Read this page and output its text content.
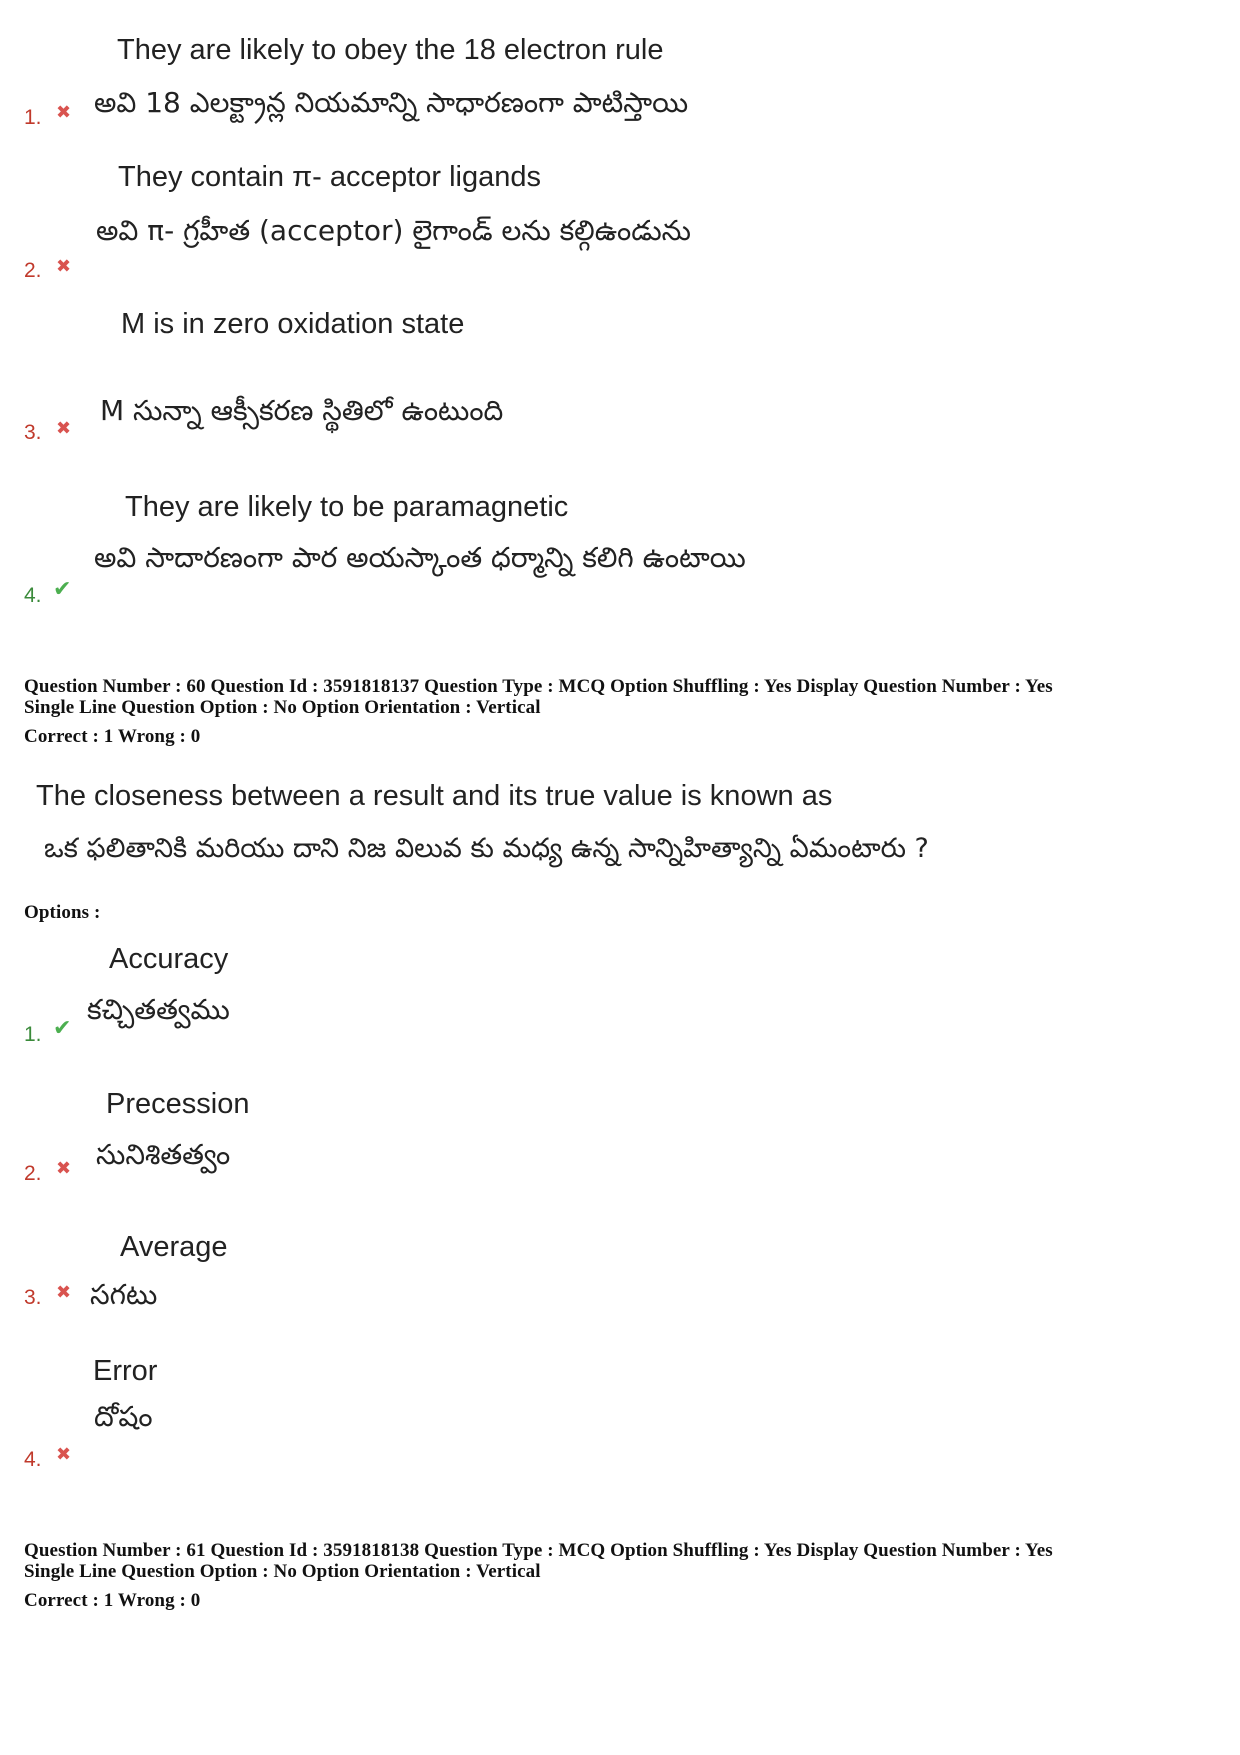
They are likely to obey the 18 electron rule
అవి 18 ఎలక్ట్రాన్ల నియమాన్ని సాధారణంగా పాటిస్తాయి
1. ✖
They contain π- acceptor ligands
అవి π- గ్రహీత (acceptor) లైగాండ్ లను కల్గిఉండును
2. ✖
M is in zero oxidation state
M సున్నా ఆక్సీకరణ స్థితిలో ఉంటుంది
3. ✖
They are likely to be paramagnetic
అవి సాదారణంగా పార అయస్కాంత ధర్మాన్ని కలిగి ఉంటాయి
4. ✔
Question Number : 60 Question Id : 3591818137 Question Type : MCQ Option Shuffling : Yes Display Question Number : Yes
Single Line Question Option : No Option Orientation : Vertical
Correct : 1 Wrong : 0
The closeness between a result and its true value is known as
ఒక ఫలితానికి మరియు దాని నిజ విలువ కు మధ్య ఉన్న సాన్నిహిత్యాన్ని ఏమంటారు ?
Options :
Accuracy
కచ్చితత్వము
1. ✔
Precession
సునిశితత్వం
2. ✖
Average
సగటు
3. ✖
Error
దోషం
4. ✖
Question Number : 61 Question Id : 3591818138 Question Type : MCQ Option Shuffling : Yes Display Question Number : Yes
Single Line Question Option : No Option Orientation : Vertical
Correct : 1 Wrong : 0
